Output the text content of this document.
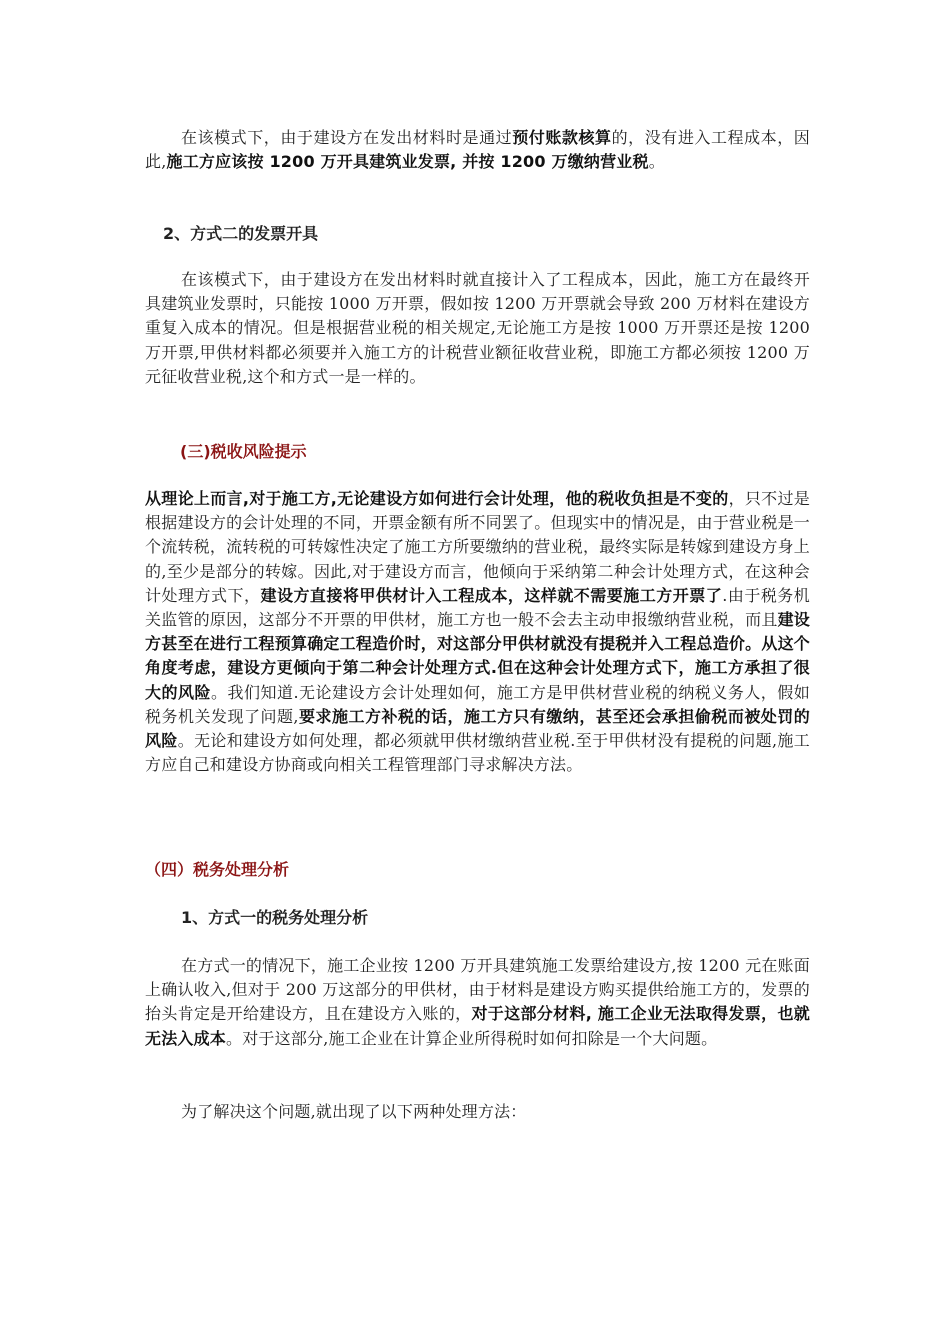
在该模式下，由于建设方在发出材料时是通过预付账款核算的，没有进入工程成本，因此,施工方应该按 1200 万开具建筑业发票, 并按 1200 万缴纳营业税。

2、方式二的发票开具

在该模式下，由于建设方在发出材料时就直接计入了工程成本，因此，施工方在最终开具建筑业发票时，只能按 1000 万开票，假如按 1200 万开票就会导致 200 万材料在建设方重复入成本的情况。但是根据营业税的相关规定,无论施工方是按 1000 万开票还是按 1200 万开票,甲供材料都必须要并入施工方的计税营业额征收营业税，即施工方都必须按 1200 万元征收营业税,这个和方式一是一样的。

(三)税收风险提示

从理论上而言,对于施工方,无论建设方如何进行会计处理，他的税收负担是不变的，只不过是根据建设方的会计处理的不同，开票金额有所不同罢了。但现实中的情况是，由于营业税是一个流转税，流转税的可转嫁性决定了施工方所要缴纳的营业税，最终实际是转嫁到建设方身上的,至少是部分的转嫁。因此,对于建设方而言，他倾向于采纳第二种会计处理方式，在这种会计处理方式下，建设方直接将甲供材计入工程成本，这样就不需要施工方开票了.由于税务机关监管的原因，这部分不开票的甲供材，施工方也一般不会去主动申报缴纳营业税，而且建设方甚至在进行工程预算确定工程造价时，对这部分甲供材就没有提税并入工程总造价。从这个角度考虑，建设方更倾向于第二种会计处理方式.但在这种会计处理方式下，施工方承担了很大的风险。我们知道.无论建设方会计处理如何，施工方是甲供材营业税的纳税义务人，假如税务机关发现了问题,要求施工方补税的话，施工方只有缴纳，甚至还会承担偷税而被处罚的风险。无论和建设方如何处理，都必须就甲供材缴纳营业税.至于甲供材没有提税的问题,施工方应自己和建设方协商或向相关工程管理部门寻求解决方法。

（四）税务处理分析
1、方式一的税务处理分析

在方式一的情况下，施工企业按 1200 万开具建筑施工发票给建设方,按 1200 元在账面上确认收入,但对于 200 万这部分的甲供材，由于材料是建设方购买提供给施工方的，发票的抬头肯定是开给建设方，且在建设方入账的，对于这部分材料, 施工企业无法取得发票，也就无法入成本。对于这部分,施工企业在计算企业所得税时如何扣除是一个大问题。

为了解决这个问题,就出现了以下两种处理方法：
